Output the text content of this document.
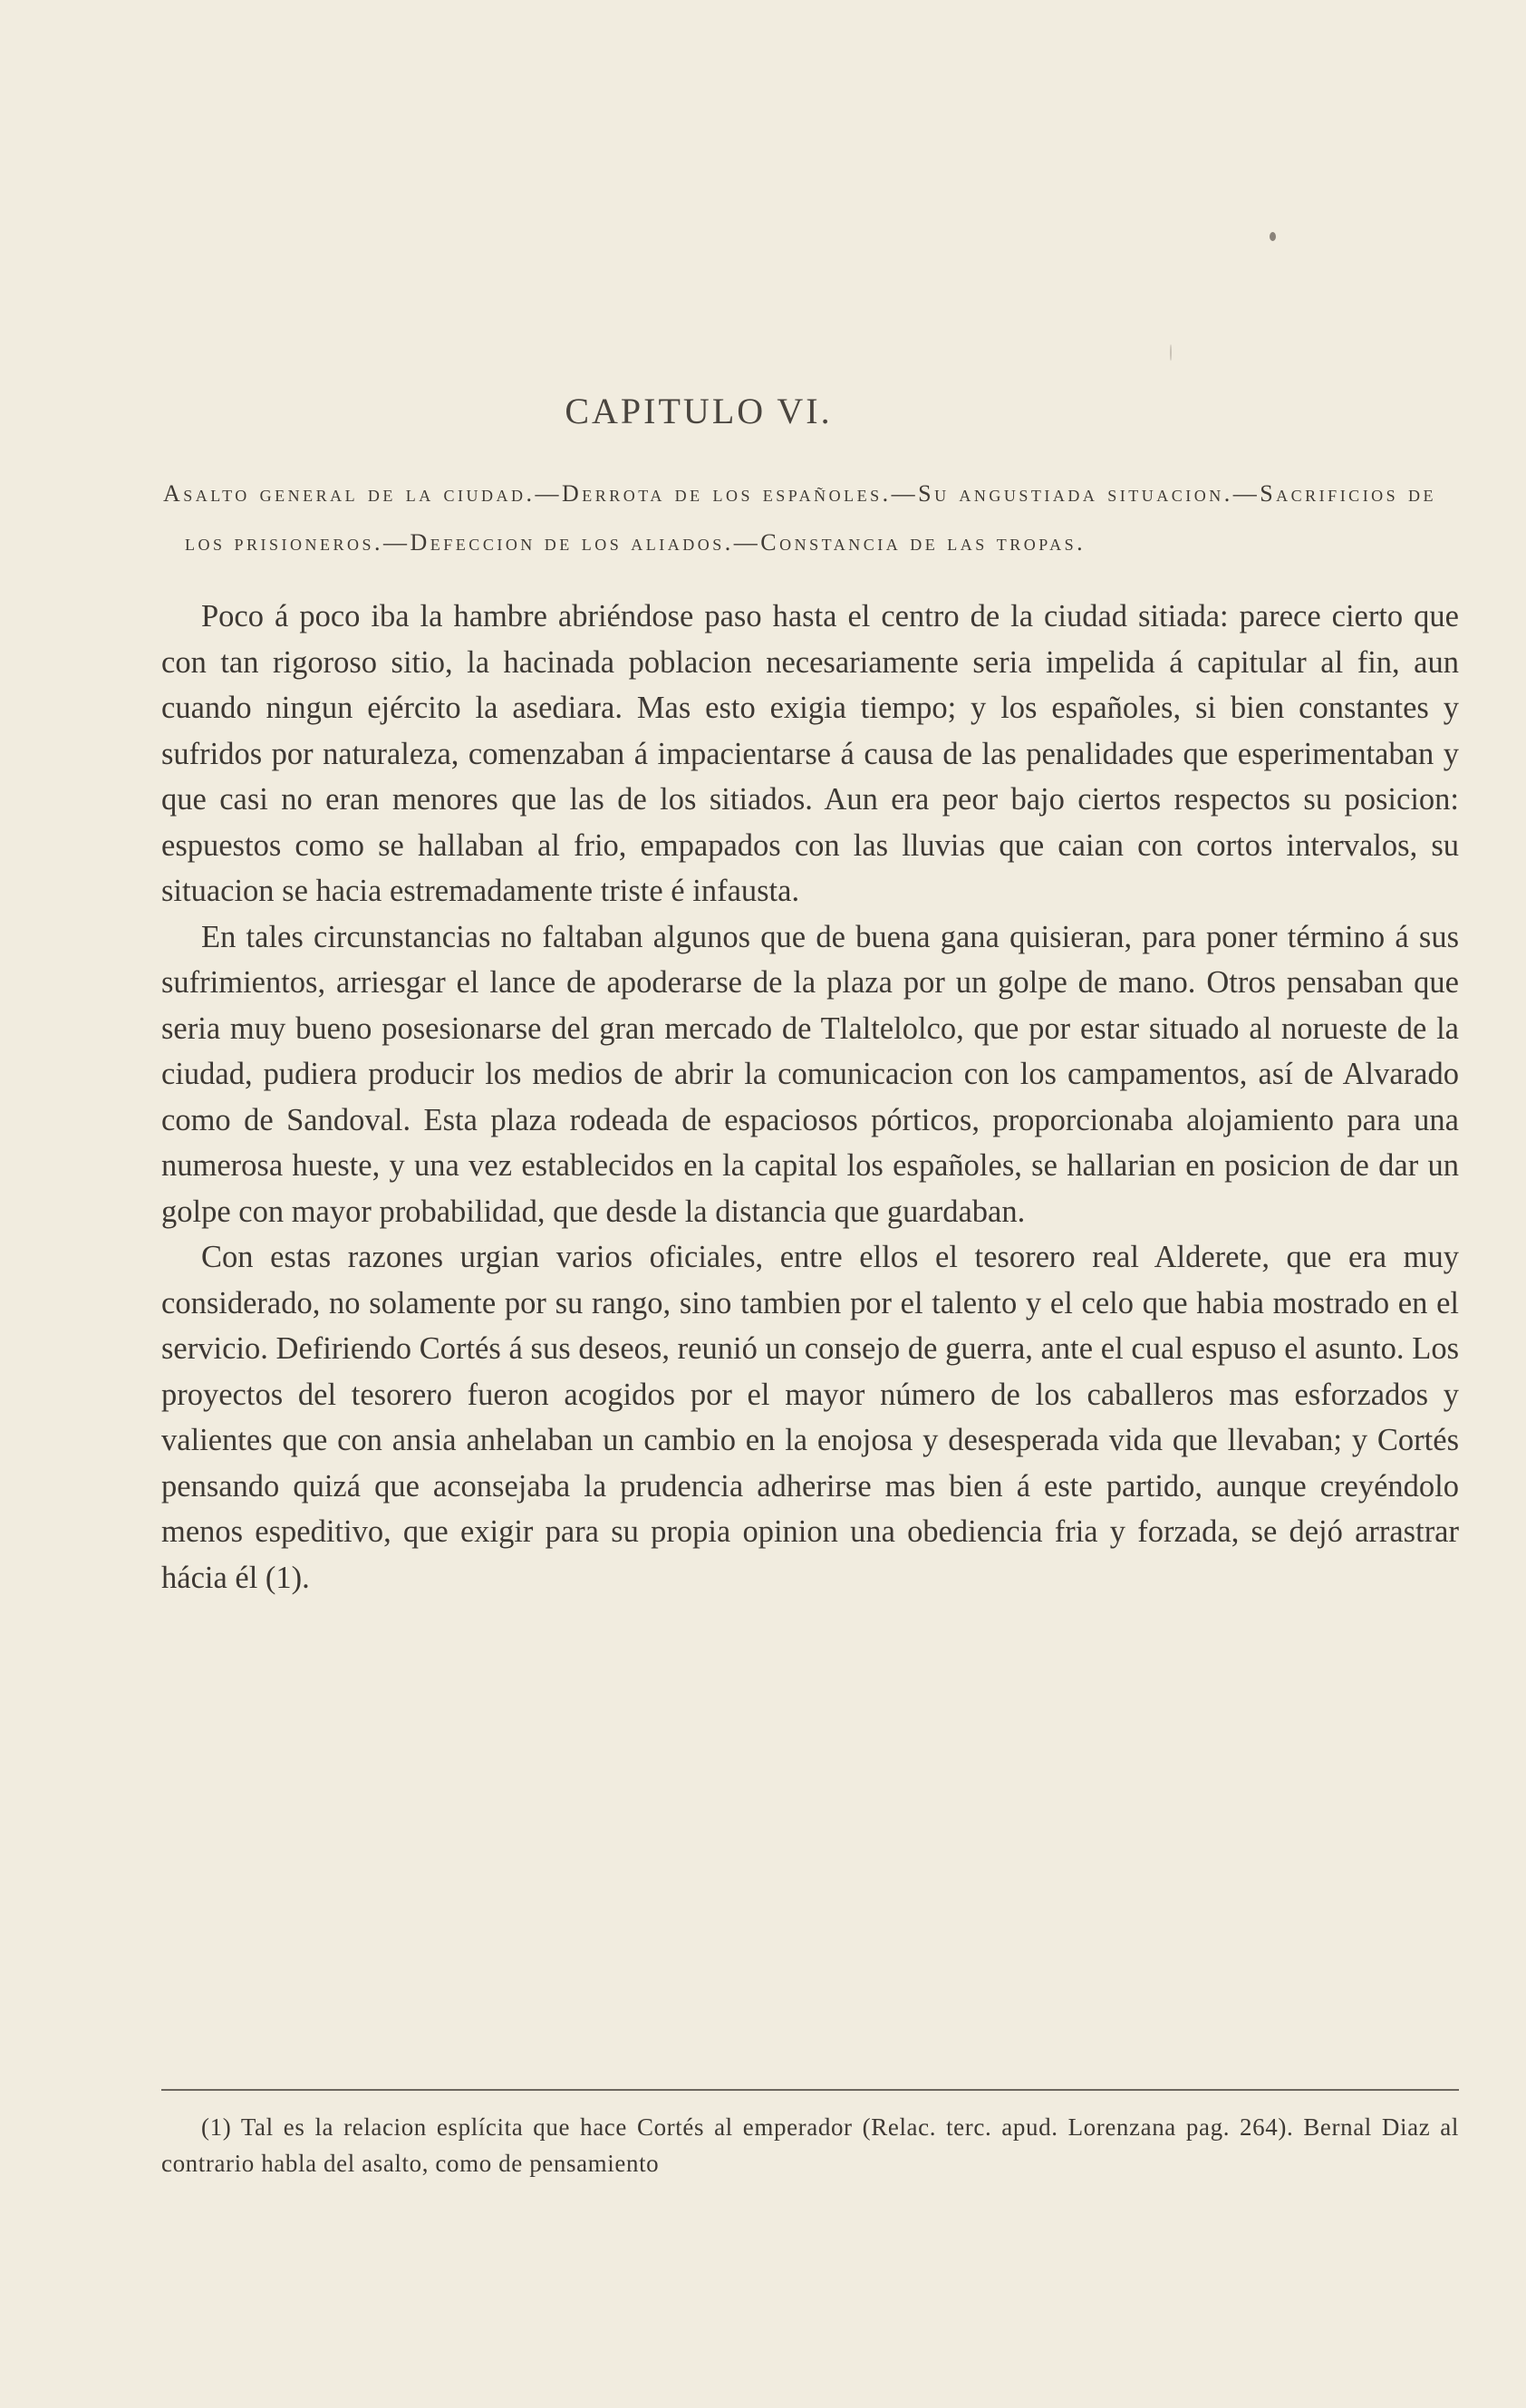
CAPITULO VI.

Asalto general de la ciudad.—Derrota de los españoles.—Su angustiada situacion.—Sacrificios de los prisioneros.—Defeccion de los aliados.—Constancia de las tropas.

Poco á poco iba la hambre abriéndose paso hasta el centro de la ciudad sitiada: parece cierto que con tan rigoroso sitio, la hacinada poblacion necesariamente seria impelida á capitular al fin, aun cuando ningun ejército la asediara. Mas esto exigia tiempo; y los españoles, si bien constantes y sufridos por naturaleza, comenzaban á impacientarse á causa de las penalidades que esperimentaban y que casi no eran menores que las de los sitiados. Aun era peor bajo ciertos respectos su posicion: espuestos como se hallaban al frio, empapados con las lluvias que caian con cortos intervalos, su situacion se hacia estremadamente triste é infausta.

En tales circunstancias no faltaban algunos que de buena gana quisieran, para poner término á sus sufrimientos, arriesgar el lance de apoderarse de la plaza por un golpe de mano. Otros pensaban que seria muy bueno posesionarse del gran mercado de Tlaltelolco, que por estar situado al norueste de la ciudad, pudiera producir los medios de abrir la comunicacion con los campamentos, así de Alvarado como de Sandoval. Esta plaza rodeada de espaciosos pórticos, proporcionaba alojamiento para una numerosa hueste, y una vez establecidos en la capital los españoles, se hallarian en posicion de dar un golpe con mayor probabilidad, que desde la distancia que guardaban.

Con estas razones urgian varios oficiales, entre ellos el tesorero real Alderete, que era muy considerado, no solamente por su rango, sino tambien por el talento y el celo que habia mostrado en el servicio. Defiriendo Cortés á sus deseos, reunió un consejo de guerra, ante el cual espuso el asunto. Los proyectos del tesorero fueron acogidos por el mayor número de los caballeros mas esforzados y valientes que con ansia anhelaban un cambio en la enojosa y desesperada vida que llevaban; y Cortés pensando quizá que aconsejaba la prudencia adherirse mas bien á este partido, aunque creyéndolo menos espeditivo, que exigir para su propia opinion una obediencia fria y forzada, se dejó arrastrar hácia él (1).

(1) Tal es la relacion esplícita que hace Cortés al emperador (Relac. terc. apud. Lorenzana pag. 264). Bernal Diaz al contrario habla del asalto, como de pensamiento
